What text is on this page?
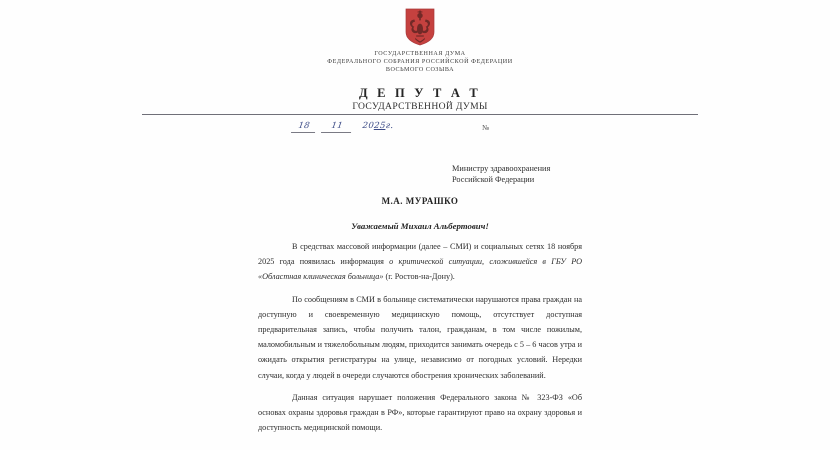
ГОСУДАРСТВЕННАЯ ДУМА
ФЕДЕРАЛЬНОГО СОБРАНИЯ РОССИЙСКОЙ ФЕДЕРАЦИИ
ВОСЬМОГО СОЗЫВА
Д Е П У Т А Т
ГОСУДАРСТВЕННОЙ ДУМЫ
18	11	2025г.	№
Министру здравоохранения
Российской Федерации
М.А. МУРАШКО
Уважаемый Михаил Альбертович!

В средствах массовой информации (далее – СМИ) и социальных сетях 18 ноября 2025 года появилась информация о критической ситуации, сложившейся в ГБУ РО «Областная клиническая больница» (г. Ростов-на-Дону).

По сообщениям в СМИ в больнице систематически нарушаются права граждан на доступную и своевременную медицинскую помощь, отсутствует доступная предварительная запись, чтобы получить талон, гражданам, в том числе пожилым, маломобильным и тяжелобольным людям, приходится занимать очередь с 5 – 6 часов утра и ожидать открытия регистратуры на улице, независимо от погодных условий. Нередки случаи, когда у людей в очереди случаются обострения хронических заболеваний.

Данная ситуация нарушает положения Федерального закона № 323-ФЗ «Об основах охраны здоровья граждан в РФ», которые гарантируют право на охрану здоровья и доступность медицинской помощи.
